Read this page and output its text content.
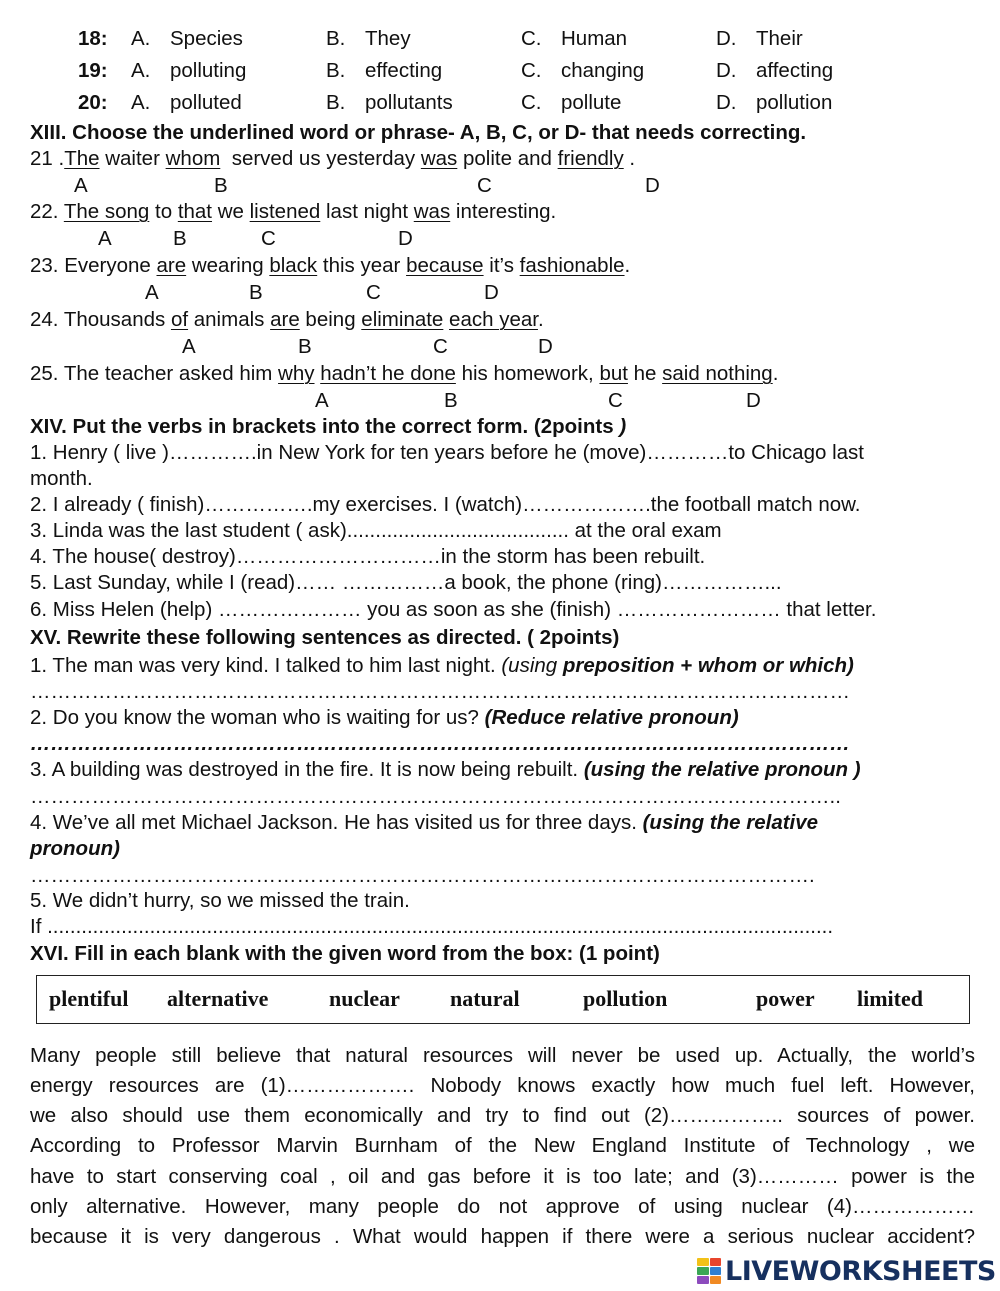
18: A. Species	B. They	C. Human	D. Their
19: A. polluting	B. effecting	C. changing	D. affecting
20: A. polluted	B. pollutants	C. pollute	D. pollution
XIII. Choose the underlined word or phrase- A, B, C, or D- that needs correcting.
21 .The waiter whom  served us yesterday was polite and friendly .
A	B	C	D
22. The song to that we listened last night was interesting.
A	B	C	D
23. Everyone are wearing black this year because it’s fashionable.
A	B	C	D
24. Thousands of animals are being eliminate each year.
A	B	C	D
25. The teacher asked him why hadn’t he done his homework, but he said nothing.
A	B	C	D
XIV. Put the verbs in brackets into the correct form. (2points )
1. Henry ( live )………….in New York for ten years before he (move)…………to Chicago last
month.
2. I already ( finish)…………….my exercises. I (watch)……………….the football match now.
3. Linda was the last student ( ask)....................................... at the oral exam
4. The house( destroy)…………………………in the storm has been rebuilt.
5. Last Sunday, while I (read)…… ……………a book, the phone (ring)……………...
6. Miss Helen (help) ………………… you as soon as she (finish) …………………… that letter.
XV. Rewrite these following sentences as directed. ( 2points)
1. The man was very kind. I talked to him last night. (using preposition + whom or which)
…………………………………………………………………………………………………………
2. Do you know the woman who is waiting for us? (Reduce relative pronoun)
…………………………………………………………………………………………………………
3. A building was destroyed in the fire. It is now being rebuilt. (using the relative pronoun )
………………………………………………………………………………………………………..
4. We’ve all met Michael Jackson. He has visited us for three days. (using the relative
pronoun)
…………………………………………………………………………………………………….
5. We didn’t hurry, so we missed the train.
If ..........................................................................................................................................
XVI. Fill in each blank with the given word from the box: (1 point)
plentiful alternative	nuclear natural	pollution	power limited
Many people still believe that natural resources will never be used up. Actually, the world’s
energy resources are (1)………………. Nobody knows exactly how much fuel left. However,
we also should use them economically and try to find out (2)…………….. sources of power.
According to Professor Marvin Burnham of the New England Institute of Technology , we
have to start conserving coal , oil and gas before it is too late; and (3)………… power is the
only alternative. However, many people do not approve of using nuclear (4)………………
because it is very dangerous . What would happen if there were a serious nuclear accident?
LIVEWORKSHEETS
